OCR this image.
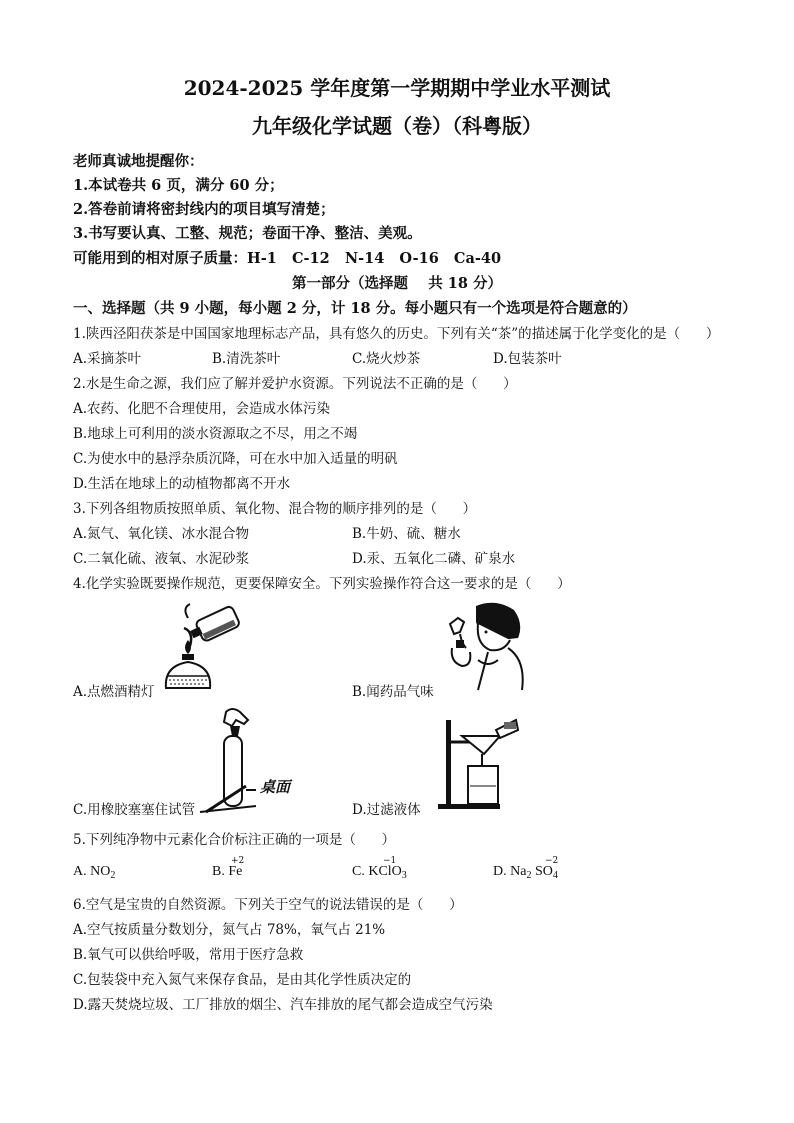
2024-2025 学年度第一学期期中学业水平测试
九年级化学试题（卷）（科粤版）
老师真诚地提醒你：
1.本试卷共 6 页，满分 60 分；
2.答卷前请将密封线内的项目填写清楚；
3.书写要认真、工整、规范；卷面干净、整洁、美观。
可能用到的相对原子质量：H-1   C-12   N-14   O-16   Ca-40
第一部分（选择题    共 18 分）
一、选择题（共 9 小题，每小题 2 分，计 18 分。每小题只有一个选项是符合题意的）
1.陕西泾阳茯茶是中国国家地理标志产品，具有悠久的历史。下列有关“茶”的描述属于化学变化的是（      ）
A.采摘茶叶	B.清洗茶叶	C.烧火炒茶	D.包装茶叶
2.水是生命之源，我们应了解并爱护水资源。下列说法不正确的是（      ）
A.农药、化肥不合理使用，会造成水体污染
B.地球上可利用的淡水资源取之不尽，用之不竭
C.为使水中的悬浮杂质沉降，可在水中加入适量的明矾
D.生活在地球上的动植物都离不开水
3.下列各组物质按照单质、氧化物、混合物的顺序排列的是（      ）
A.氮气、氧化镁、冰水混合物	B.牛奶、硫、糖水
C.二氧化硫、液氧、水泥砂浆	D.汞、五氧化二磷、矿泉水
4.化学实验既要操作规范，更要保障安全。下列实验操作符合这一要求的是（      ）
A.点燃酒精灯	B.闻药品气味
桌面
C.用橡胶塞塞住试管	D.过滤液体
5.下列纯净物中元素化合价标注正确的一项是（      ）
A. $NO_2$
+2
B. Fe
−1
C. KClO$_3$
−2
D. $Na_2$ $SO_4$
6.空气是宝贵的自然资源。下列关于空气的说法错误的是（      ）
A.空气按质量分数划分，氮气占 78%，氧气占 21%
B.氧气可以供给呼吸，常用于医疗急救
C.包装袋中充入氮气来保存食品，是由其化学性质决定的
D.露天焚烧垃圾、工厂排放的烟尘、汽车排放的尾气都会造成空气污染
